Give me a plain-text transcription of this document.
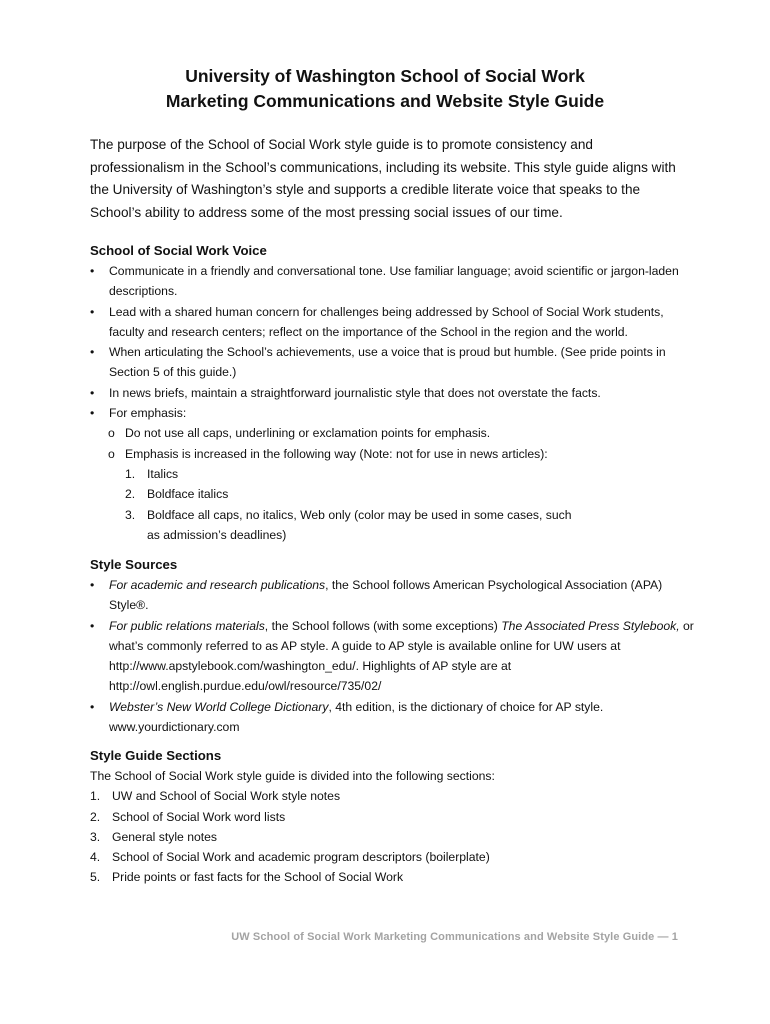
University of Washington School of Social Work
Marketing Communications and Website Style Guide

The purpose of the School of Social Work style guide is to promote consistency and professionalism in the School’s communications, including its website. This style guide aligns with the University of Washington’s style and supports a credible literate voice that speaks to the School’s ability to address some of the most pressing social issues of our time.

School of Social Work Voice
•	Communicate in a friendly and conversational tone. Use familiar language; avoid scientific or jargon-laden descriptions.
•	Lead with a shared human concern for challenges being addressed by School of Social Work students, faculty and research centers; reflect on the importance of the School in the region and the world.
•	When articulating the School’s achievements, use a voice that is proud but humble. (See pride points in Section 5 of this guide.)
•	In news briefs, maintain a straightforward journalistic style that does not overstate the facts.
•	For emphasis:
o Do not use all caps, underlining or exclamation points for emphasis.
o Emphasis is increased in the following way (Note: not for use in news articles):
1. Italics
2. Boldface italics
3. Boldface all caps, no italics, Web only (color may be used in some cases, such as admission’s deadlines)
Style Sources
•	For academic and research publications, the School follows American Psychological Association (APA) Style®.
•	For public relations materials, the School follows (with some exceptions) The Associated Press Stylebook, or what’s commonly referred to as AP style. A guide to AP style is available online for UW users at http://www.apstylebook.com/washington_edu/. Highlights of AP style are at http://owl.english.purdue.edu/owl/resource/735/02/
•	Webster’s New World College Dictionary, 4th edition, is the dictionary of choice for AP style. www.yourdictionary.com
Style Guide Sections

The School of Social Work style guide is divided into the following sections:

1. UW and School of Social Work style notes
2. School of Social Work word lists
3. General style notes
4. School of Social Work and academic program descriptors (boilerplate)
5. Pride points or fast facts for the School of Social Work
UW School of Social Work Marketing Communications and Website Style Guide — 1
